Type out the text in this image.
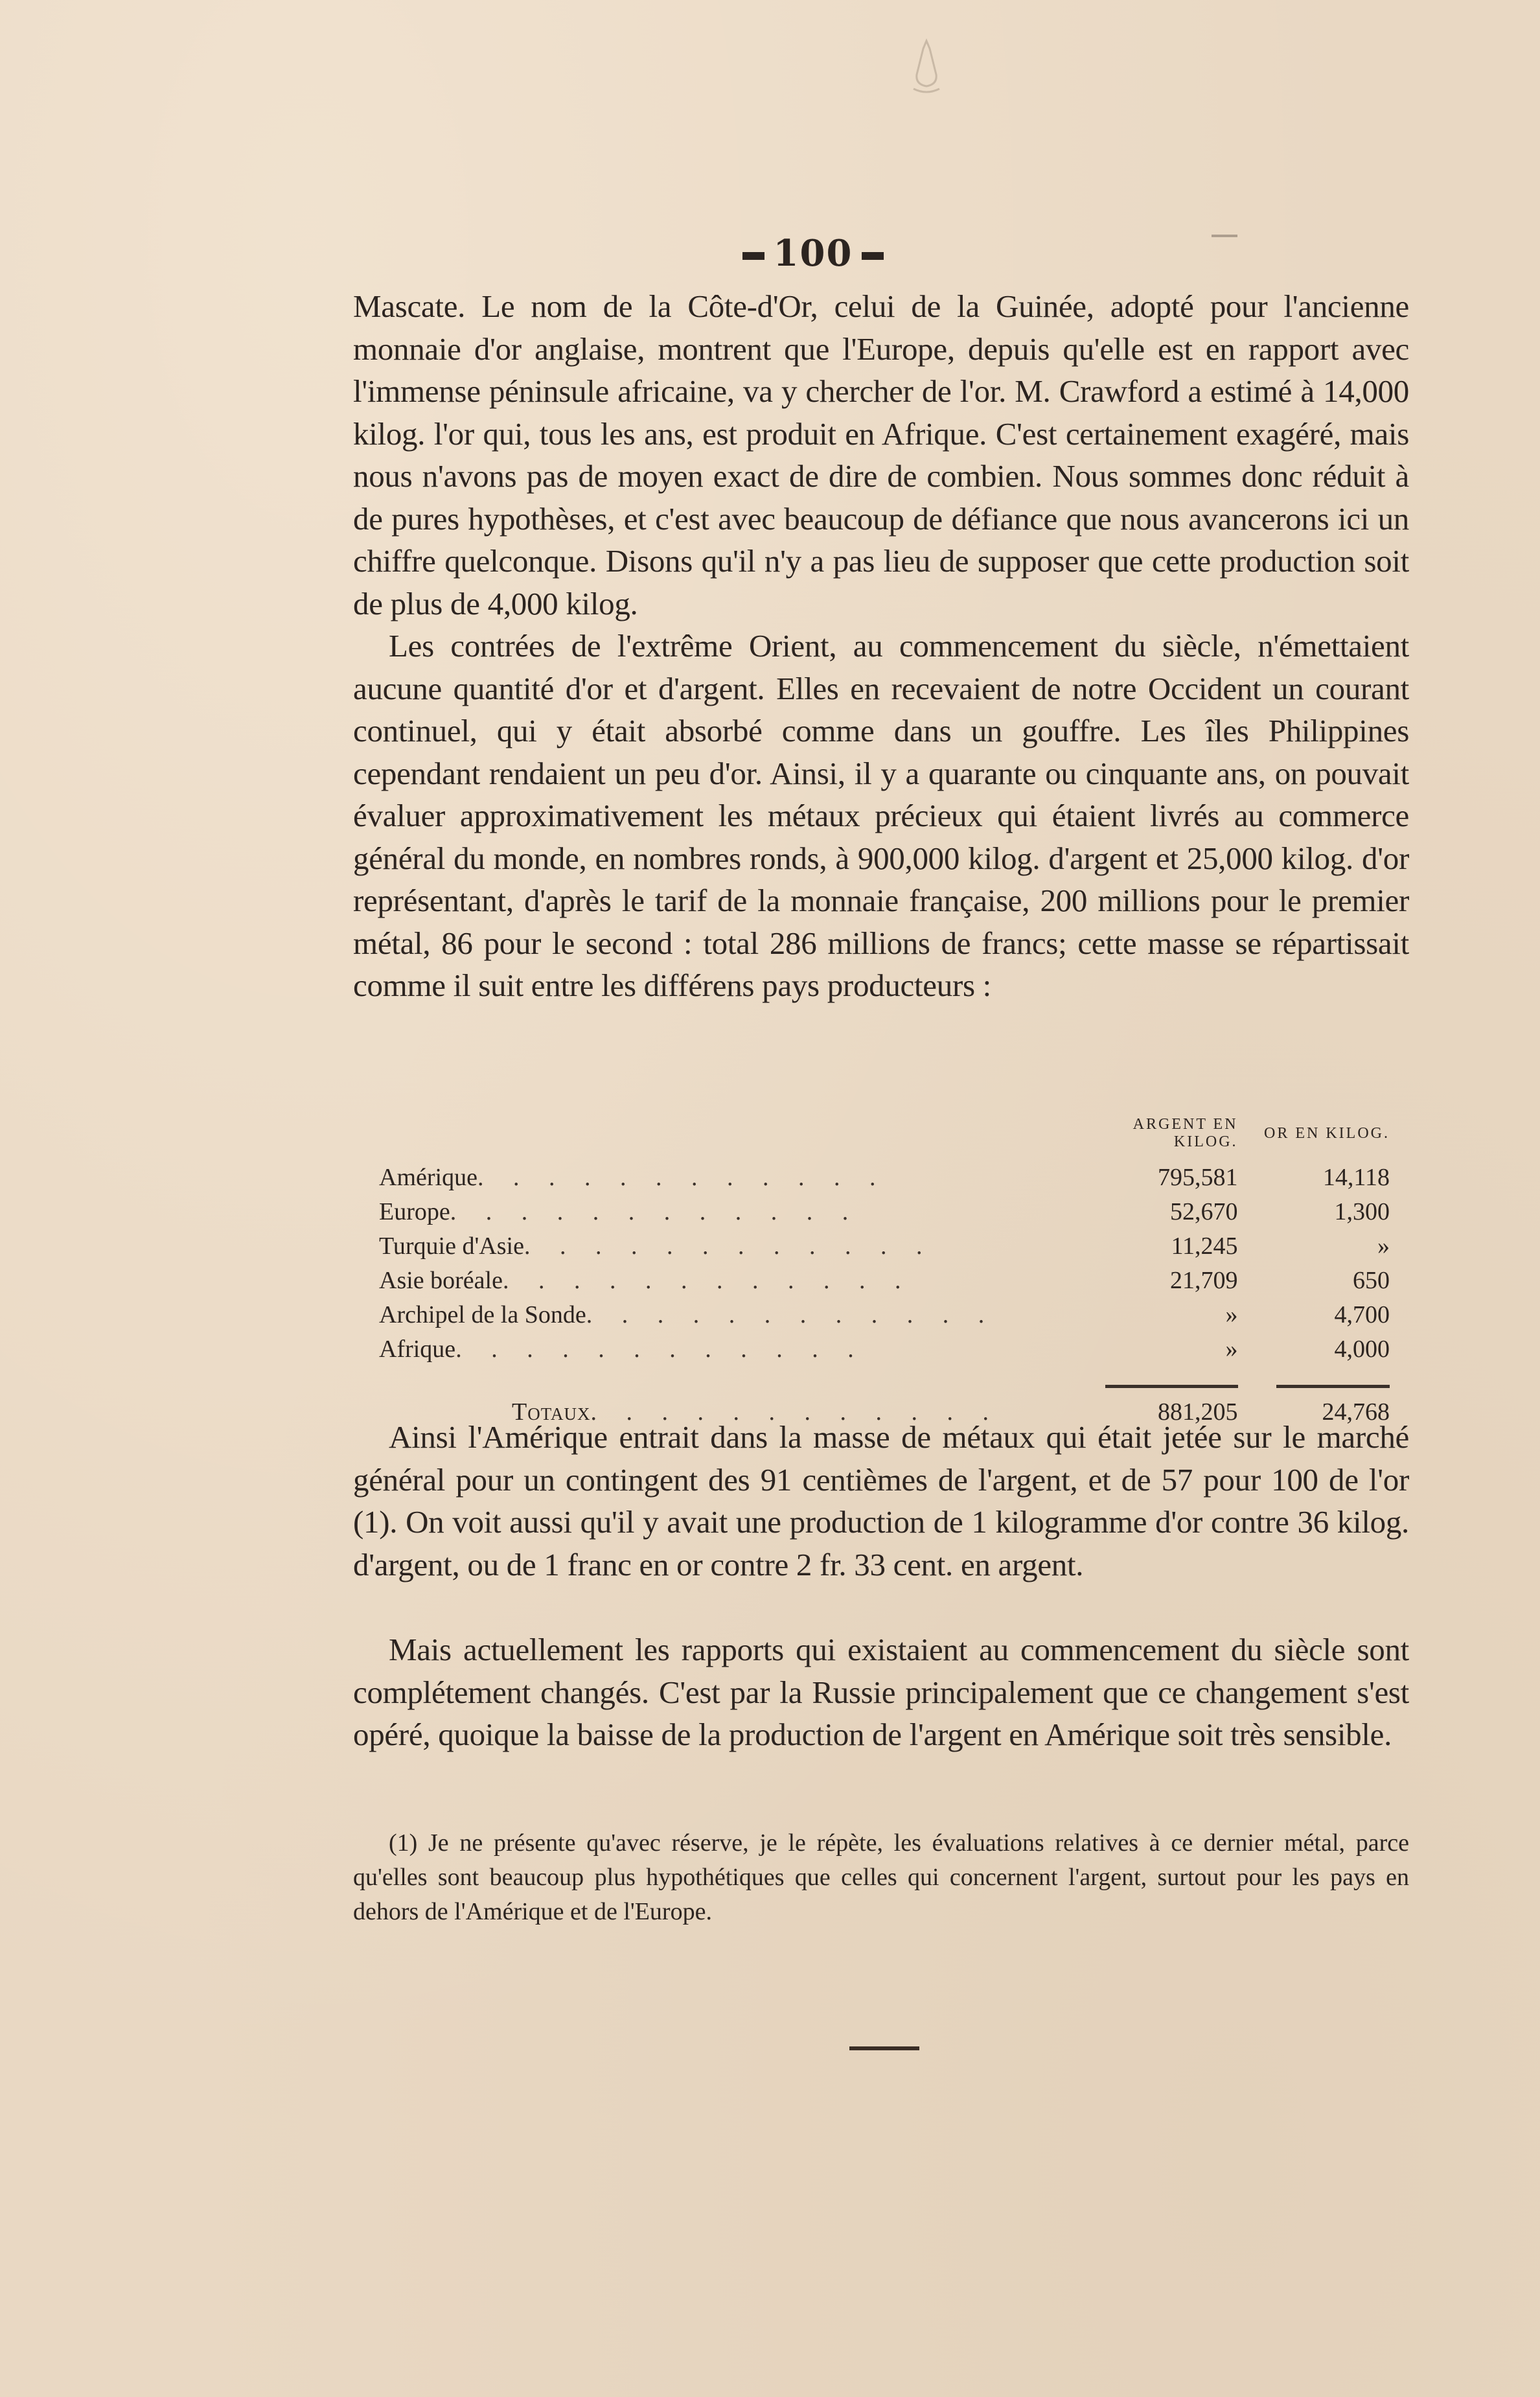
100

Mascate. Le nom de la Côte-d'Or, celui de la Guinée, adopté pour l'ancienne monnaie d'or anglaise, montrent que l'Europe, depuis qu'elle est en rapport avec l'immense péninsule africaine, va y chercher de l'or. M. Crawford a estimé à 14,000 kilog. l'or qui, tous les ans, est produit en Afrique. C'est certainement exagéré, mais nous n'avons pas de moyen exact de dire de combien. Nous sommes donc réduit à de pures hypothèses, et c'est avec beaucoup de défiance que nous avancerons ici un chiffre quelconque. Disons qu'il n'y a pas lieu de supposer que cette production soit de plus de 4,000 kilog.

Les contrées de l'extrême Orient, au commencement du siècle, n'émettaient aucune quantité d'or et d'argent. Elles en recevaient de notre Occident un courant continuel, qui y était absorbé comme dans un gouffre. Les îles Philippines cependant rendaient un peu d'or. Ainsi, il y a quarante ou cinquante ans, on pouvait évaluer approximativement les métaux précieux qui étaient livrés au commerce général du monde, en nombres ronds, à 900,000 kilog. d'argent et 25,000 kilog. d'or représentant, d'après le tarif de la monnaie française, 200 millions pour le premier métal, 86 pour le second : total 286 millions de francs; cette masse se répartissait comme il suit entre les différens pays producteurs :

	ARGENT EN KILOG.	OR EN KILOG.
Amérique. . . . . . . . . . . .	795,581	14,118
Europe. . . . . . . . . . . .	52,670	1,300
Turquie d'Asie. . . . . . . . . . . .	11,245	»
Asie boréale. . . . . . . . . . . .	21,709	650
Archipel de la Sonde. . . . . . . . . . . .	»	4,700
Afrique. . . . . . . . . . . .	»	4,000

Totaux. . . . . . . . . . . .	881,205	24,768

Ainsi l'Amérique entrait dans la masse de métaux qui était jetée sur le marché général pour un contingent des 91 centièmes de l'argent, et de 57 pour 100 de l'or (1). On voit aussi qu'il y avait une production de 1 kilogramme d'or contre 36 kilog. d'argent, ou de 1 franc en or contre 2 fr. 33 cent. en argent.

Mais actuellement les rapports qui existaient au commencement du siècle sont complétement changés. C'est par la Russie principalement que ce changement s'est opéré, quoique la baisse de la production de l'argent en Amérique soit très sensible.

(1) Je ne présente qu'avec réserve, je le répète, les évaluations relatives à ce dernier métal, parce qu'elles sont beaucoup plus hypothétiques que celles qui concernent l'argent, surtout pour les pays en dehors de l'Amérique et de l'Europe.
